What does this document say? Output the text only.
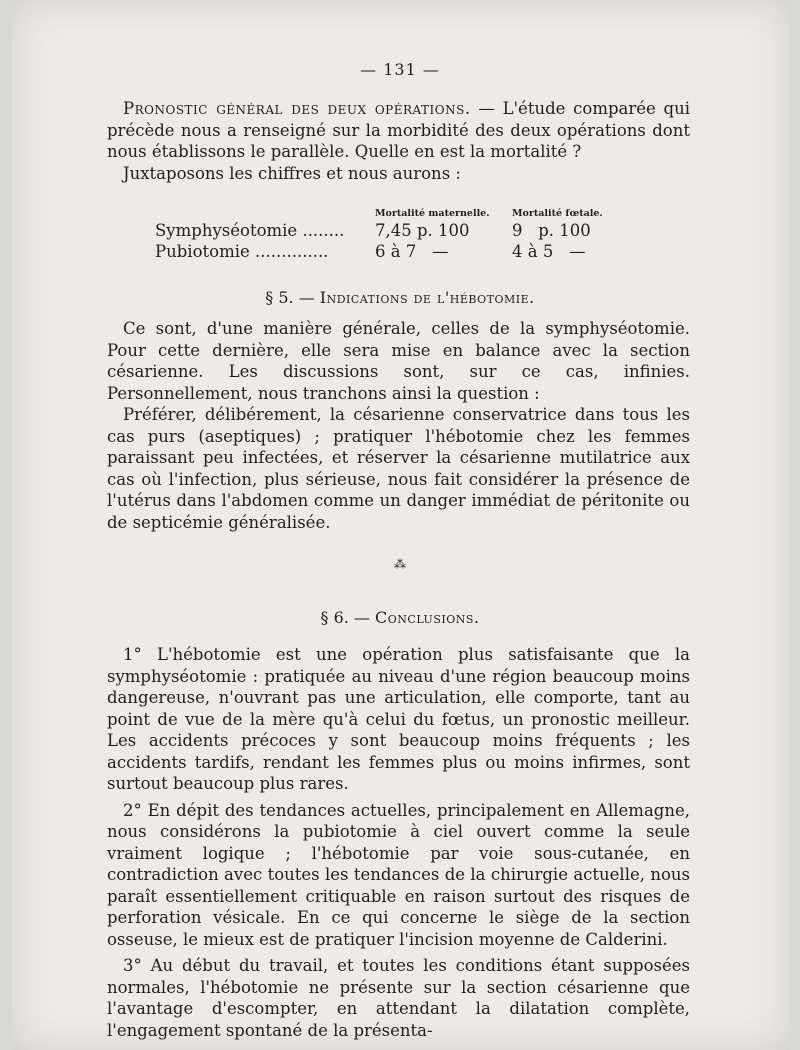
— 131 —

Pronostic général des deux opérations. — L'étude comparée qui précède nous a renseigné sur la morbidité des deux opérations dont nous établissons le parallèle. Quelle en est la mortalité ?

Juxtaposons les chiffres et nous aurons :

	Mortalité maternelle.	Mortalité fœtale.
Symphyséotomie ........	7,45 p. 100	9   p. 100
Pubiotomie ..............	6 à 7   —	4 à 5   —
§ 5. — Indications de l'hébotomie.

Ce sont, d'une manière générale, celles de la symphyséotomie. Pour cette dernière, elle sera mise en balance avec la section césarienne. Les discussions sont, sur ce cas, infinies. Personnellement, nous tranchons ainsi la question :

Préférer, délibérement, la césarienne conservatrice dans tous les cas purs (aseptiques) ; pratiquer l'hébotomie chez les femmes paraissant peu infectées, et réserver la césarienne mutilatrice aux cas où l'infection, plus sérieuse, nous fait considérer la présence de l'utérus dans l'abdomen comme un danger immédiat de péritonite ou de septicémie généralisée.

⁂
§ 6. — Conclusions.

1° L'hébotomie est une opération plus satisfaisante que la symphyséotomie : pratiquée au niveau d'une région beaucoup moins dangereuse, n'ouvrant pas une articulation, elle comporte, tant au point de vue de la mère qu'à celui du fœtus, un pronostic meilleur. Les accidents précoces y sont beaucoup moins fréquents ; les accidents tardifs, rendant les femmes plus ou moins infirmes, sont surtout beaucoup plus rares.

2° En dépit des tendances actuelles, principalement en Allemagne, nous considérons la pubiotomie à ciel ouvert comme la seule vraiment logique ; l'hébotomie par voie sous-cutanée, en contradiction avec toutes les tendances de la chirurgie actuelle, nous paraît essentiellement critiquable en raison surtout des risques de perforation vésicale. En ce qui concerne le siège de la section osseuse, le mieux est de pratiquer l'incision moyenne de Calderini.

3° Au début du travail, et toutes les conditions étant supposées normales, l'hébotomie ne présente sur la section césarienne que l'avantage d'escompter, en attendant la dilatation complète, l'engagement spontané de la présenta-
